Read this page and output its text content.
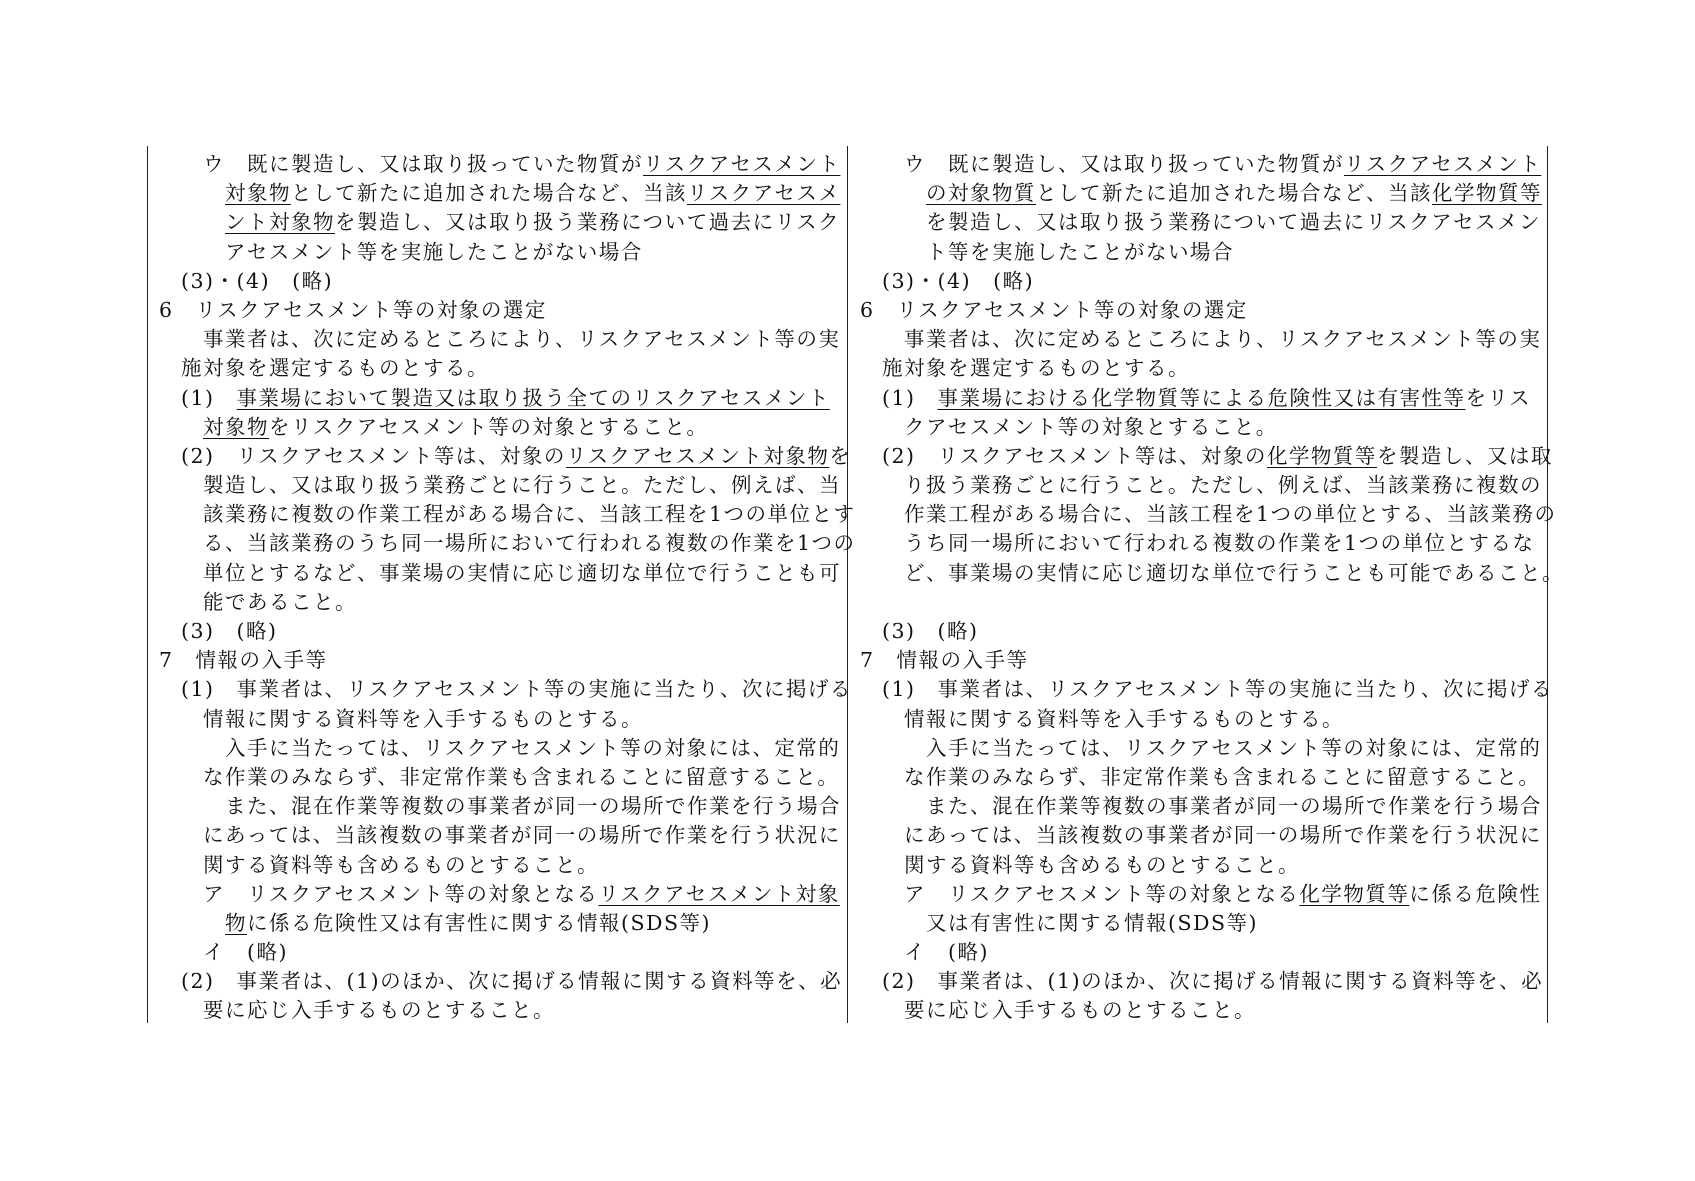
ウ　既に製造し、又は取り扱っていた物質がリスクアセスメント
対象物として新たに追加された場合など、当該リスクアセスメ
ント対象物を製造し、又は取り扱う業務について過去にリスク
アセスメント等を実施したことがない場合
(3)・(4)　(略)
6　リスクアセスメント等の対象の選定
事業者は、次に定めるところにより、リスクアセスメント等の実
施対象を選定するものとする。
(1)　事業場において製造又は取り扱う全てのリスクアセスメント
対象物をリスクアセスメント等の対象とすること。
(2)　リスクアセスメント等は、対象のリスクアセスメント対象物を
製造し、又は取り扱う業務ごとに行うこと。ただし、例えば、当
該業務に複数の作業工程がある場合に、当該工程を1つの単位とす
る、当該業務のうち同一場所において行われる複数の作業を1つの
単位とするなど、事業場の実情に応じ適切な単位で行うことも可
能であること。
(3)　(略)
7　情報の入手等
(1)　事業者は、リスクアセスメント等の実施に当たり、次に掲げる
情報に関する資料等を入手するものとする。
入手に当たっては、リスクアセスメント等の対象には、定常的
な作業のみならず、非定常作業も含まれることに留意すること。
また、混在作業等複数の事業者が同一の場所で作業を行う場合
にあっては、当該複数の事業者が同一の場所で作業を行う状況に
関する資料等も含めるものとすること。
ア　リスクアセスメント等の対象となるリスクアセスメント対象
物に係る危険性又は有害性に関する情報(SDS等)
イ　(略)
(2)　事業者は、(1)のほか、次に掲げる情報に関する資料等を、必
要に応じ入手するものとすること。
ウ　既に製造し、又は取り扱っていた物質がリスクアセスメント
の対象物質として新たに追加された場合など、当該化学物質等
を製造し、又は取り扱う業務について過去にリスクアセスメン
ト等を実施したことがない場合
(3)・(4)　(略)
6　リスクアセスメント等の対象の選定
事業者は、次に定めるところにより、リスクアセスメント等の実
施対象を選定するものとする。
(1)　事業場における化学物質等による危険性又は有害性等をリス
クアセスメント等の対象とすること。
(2)　リスクアセスメント等は、対象の化学物質等を製造し、又は取
り扱う業務ごとに行うこと。ただし、例えば、当該業務に複数の
作業工程がある場合に、当該工程を1つの単位とする、当該業務の
うち同一場所において行われる複数の作業を1つの単位とするな
ど、事業場の実情に応じ適切な単位で行うことも可能であること。
(3)　(略)
7　情報の入手等
(1)　事業者は、リスクアセスメント等の実施に当たり、次に掲げる
情報に関する資料等を入手するものとする。
入手に当たっては、リスクアセスメント等の対象には、定常的
な作業のみならず、非定常作業も含まれることに留意すること。
また、混在作業等複数の事業者が同一の場所で作業を行う場合
にあっては、当該複数の事業者が同一の場所で作業を行う状況に
関する資料等も含めるものとすること。
ア　リスクアセスメント等の対象となる化学物質等に係る危険性
又は有害性に関する情報(SDS等)
イ　(略)
(2)　事業者は、(1)のほか、次に掲げる情報に関する資料等を、必
要に応じ入手するものとすること。
